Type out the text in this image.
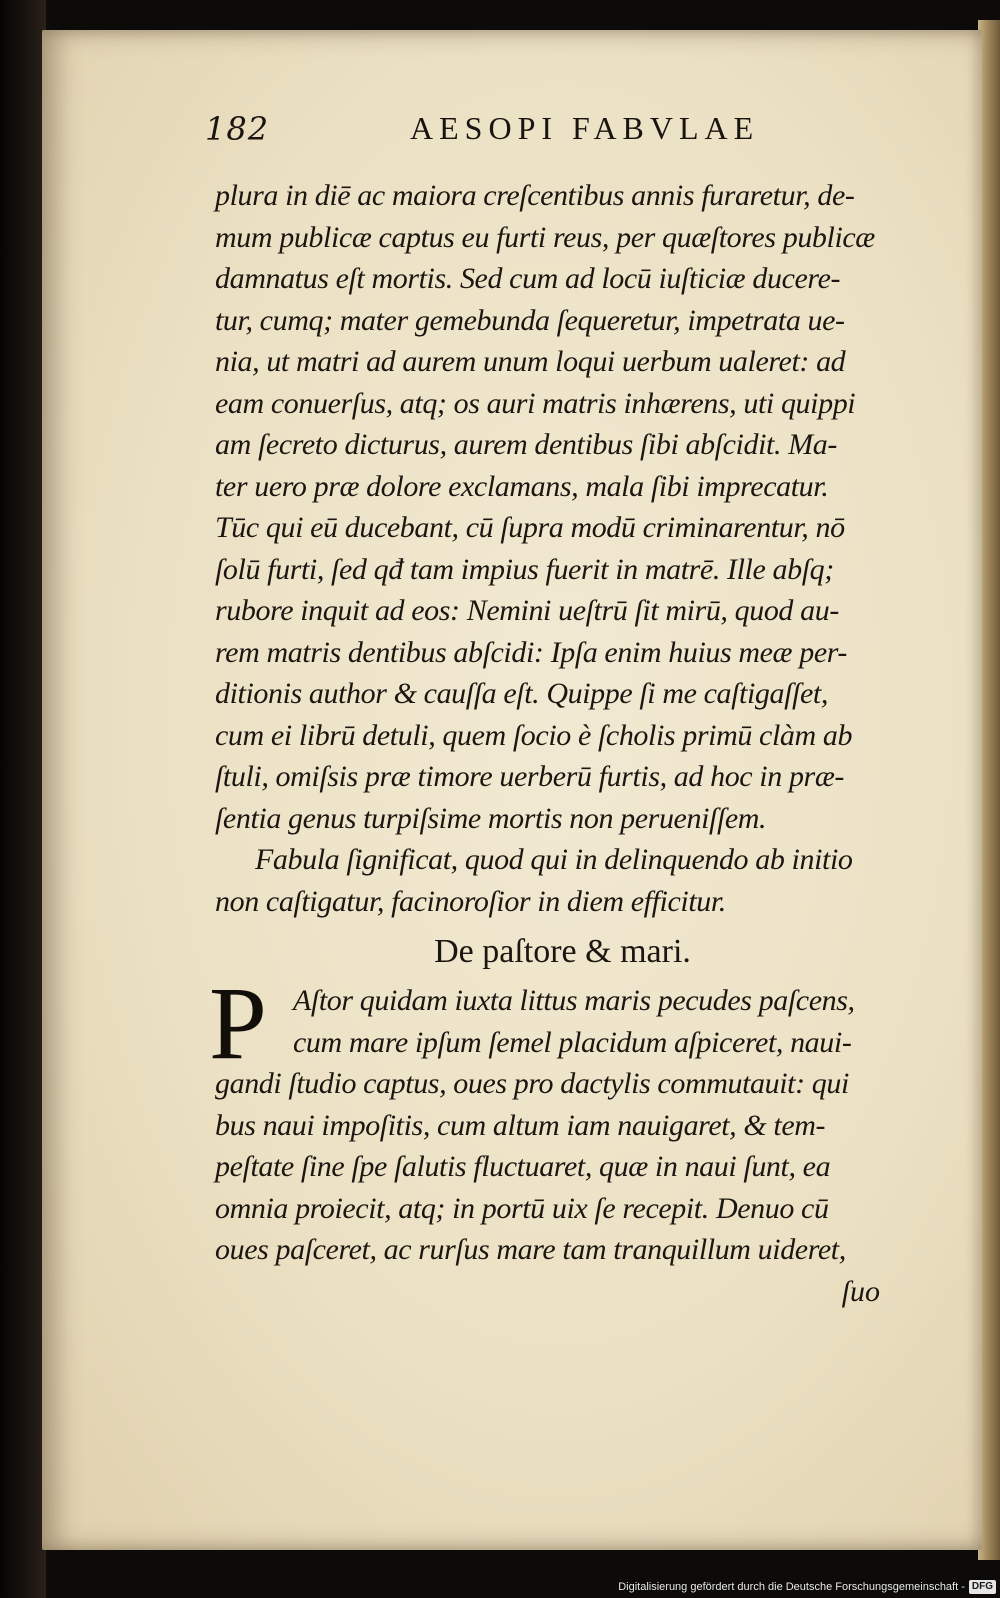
182	AESOPI FABVLAE
plura in diē ac maiora creſcentibus annis furaretur, de-
mum publicæ captus eu furti reus, per quæſtores publicæ
damnatus eſt mortis. Sed cum ad locū iuſticiæ ducere-
tur, cumq; mater gemebunda ſequeretur, impetrata ue-
nia, ut matri ad aurem unum loqui uerbum ualeret: ad
eam conuerſus, atq; os auri matris inhærens, uti quippi
am ſecreto dicturus, aurem dentibus ſibi abſcidit. Ma-
ter uero præ dolore exclamans, mala ſibi imprecatur.
Tūc qui eū ducebant, cū ſupra modū criminarentur, nō
ſolū furti, ſed qđ tam impius fuerit in matrē. Ille abſq;
rubore inquit ad eos: Nemini ueſtrū ſit mirū, quod au-
rem matris dentibus abſcidi: Ipſa enim huius meæ per-
ditionis author & cauſſa eſt. Quippe ſi me caſtigaſſet,
cum ei librū detuli, quem ſocio è ſcholis primū clàm ab
ſtuli, omiſsis præ timore uerberū furtis, ad hoc in præ-
ſentia genus turpiſsime mortis non perueniſſem.
Fabula ſignificat, quod qui in delinquendo ab initio
non caſtigatur, facinoroſior in diem efficitur.
De paſtore & mari.
P Aſtor quidam iuxta littus maris pecudes paſcens,
cum mare ipſum ſemel placidum aſpiceret, naui-
gandi ſtudio captus, oues pro dactylis commutauit: qui
bus naui impoſitis, cum altum iam nauigaret, & tem-
peſtate ſine ſpe ſalutis fluctuaret, quæ in naui ſunt, ea
omnia proiecit, atq; in portū uix ſe recepit. Denuo cū
oues paſceret, ac rurſus mare tam tranquillum uideret,
ſuo
Digitalisierung gefördert durch die Deutsche Forschungsgemeinschaft - DFG
